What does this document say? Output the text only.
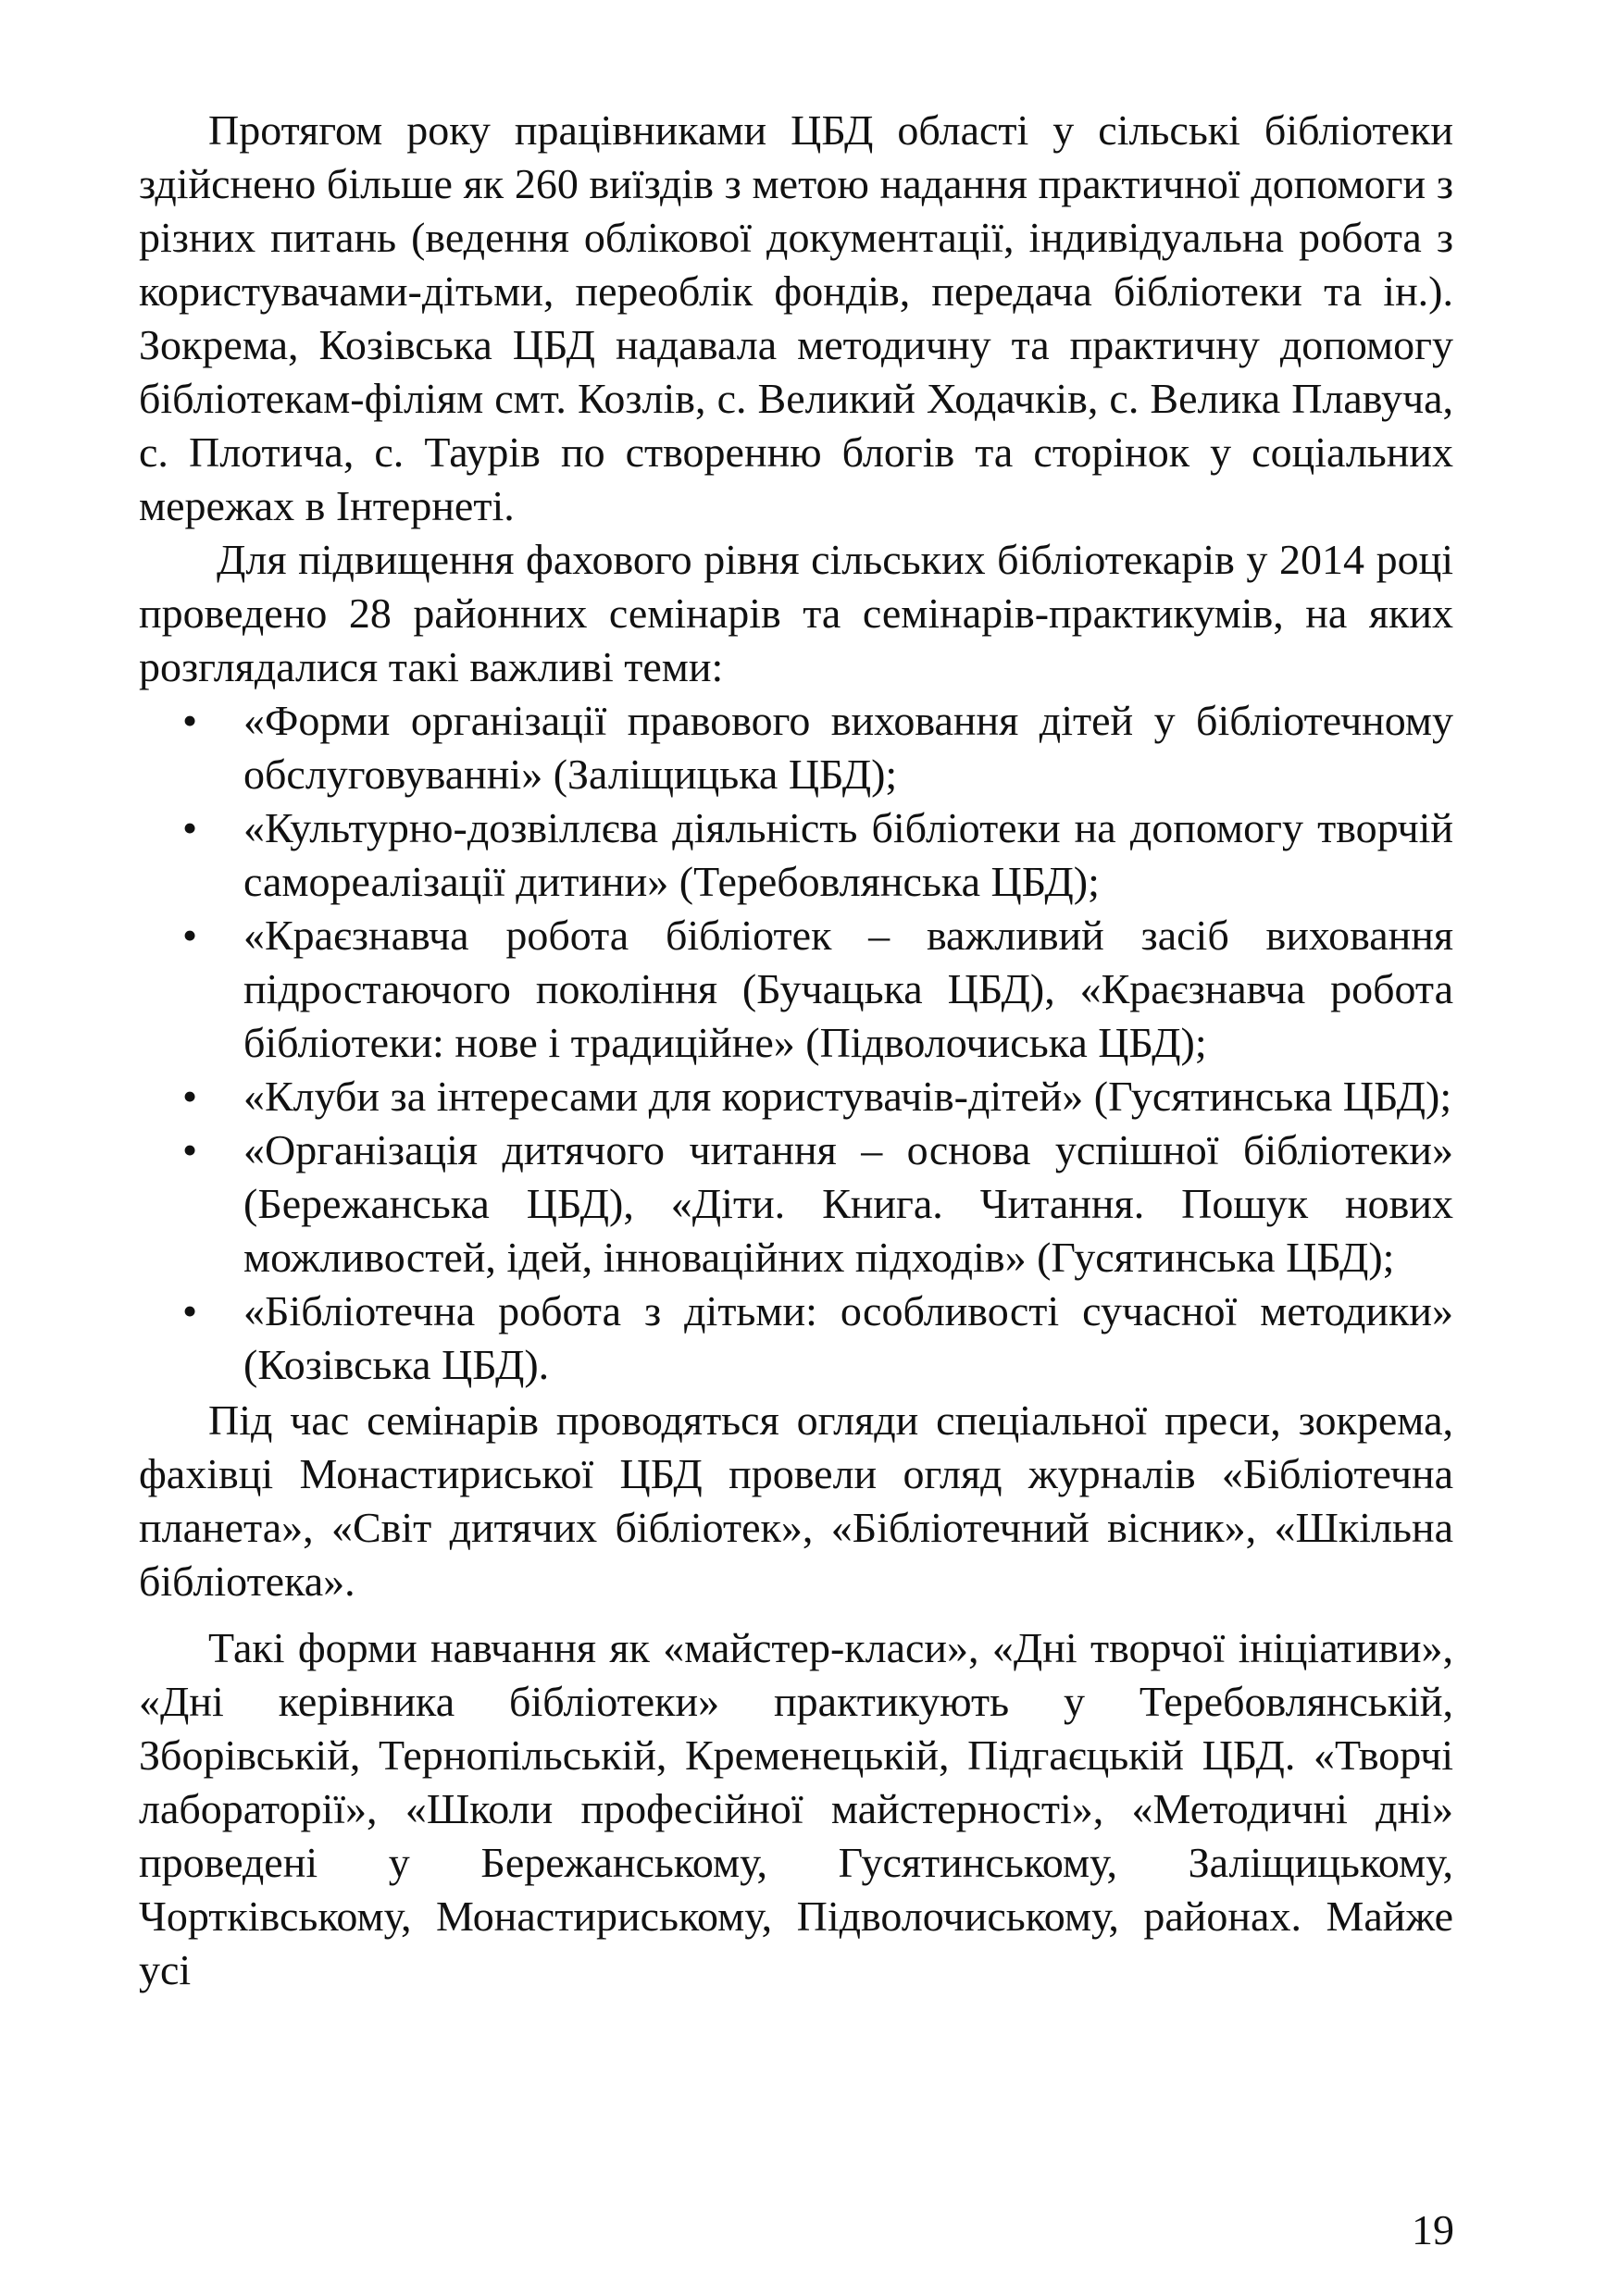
Протягом року працівниками ЦБД області у сільські бібліотеки здійснено більше як 260 виїздів з метою надання практичної допомоги з різних питань (ведення облікової документації, індивідуальна робота з користувачами-дітьми, переоблік фондів, передача бібліотеки та ін.). Зокрема, Козівська ЦБД надавала методичну та практичну допомогу бібліотекам-філіям смт. Козлів, с. Великий Ходачків, с. Велика Плавуча, с. Плотича, с. Таурів по створенню блогів та сторінок у соціальних мережах в Інтернеті.

Для підвищення фахового рівня сільських бібліотекарів у 2014 році проведено 28 районних семінарів та семінарів-практикумів, на яких розглядалися такі важливі теми:

• «Форми організації правового виховання дітей у бібліотечному обслуговуванні» (Заліщицька ЦБД);
• «Культурно-дозвіллєва діяльність бібліотеки на допомогу творчій самореалізації дитини» (Теребовлянська ЦБД);
• «Краєзнавча робота бібліотек – важливий засіб виховання підростаючого покоління (Бучацька ЦБД), «Краєзнавча робота бібліотеки: нове і традиційне» (Підволочиська ЦБД);
• «Клуби за інтересами для користувачів-дітей» (Гусятинська ЦБД);
• «Організація дитячого читання – основа успішної бібліотеки» (Бережанська ЦБД), «Діти. Книга. Читання. Пошук нових можливостей, ідей, інноваційних підходів» (Гусятинська ЦБД);
• «Бібліотечна робота з дітьми: особливості сучасної методики» (Козівська ЦБД).

Під час семінарів проводяться огляди спеціальної преси, зокрема, фахівці Монастириської ЦБД провели огляд журналів «Бібліотечна планета», «Світ дитячих бібліотек», «Бібліотечний вісник», «Шкільна бібліотека».

Такі форми навчання як «майстер-класи», «Дні творчої ініціативи», «Дні керівника бібліотеки» практикують у Теребовлянській, Зборівській, Тернопільській, Кременецькій, Підгаєцькій ЦБД. «Творчі лабораторії», «Школи професійної майстерності», «Методичні дні» проведені у Бережанському, Гусятинському, Заліщицькому, Чортківському, Монастириському, Підволочиському, районах. Майже усі

19
